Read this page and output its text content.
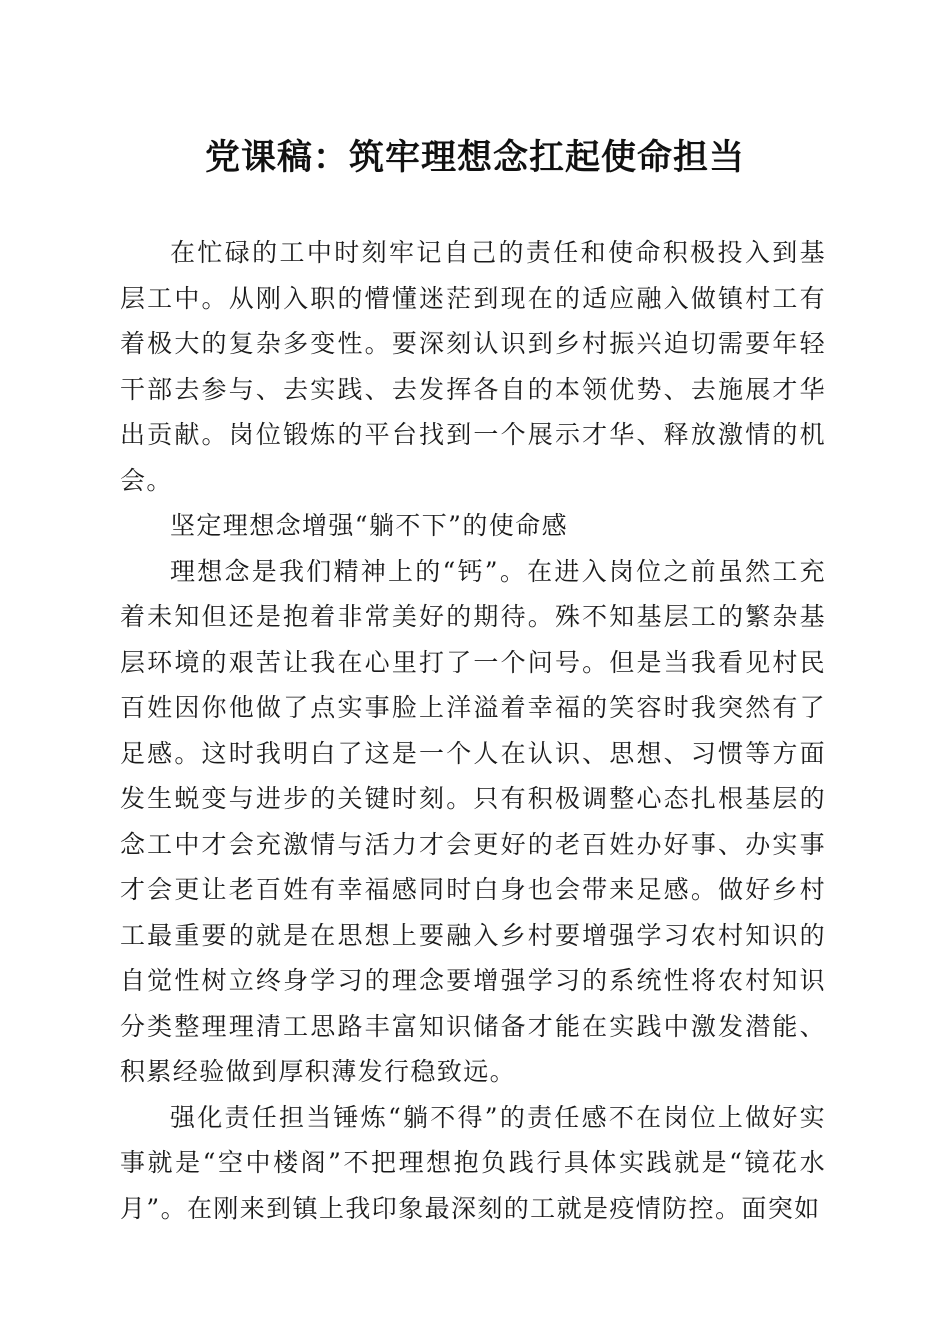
党课稿：筑牢理想念扛起使命担当

在忙碌的工中时刻牢记自己的责任和使命积极投入到基层工中。从刚入职的懵懂迷茫到现在的适应融入做镇村工有着极大的复杂多变性。要深刻认识到乡村振兴迫切需要年轻干部去参与、去实践、去发挥各自的本领优势、去施展才华出贡献。岗位锻炼的平台找到一个展示才华、释放激情的机会。

坚定理想念增强“躺不下”的使命感

理想念是我们精神上的“钙”。在进入岗位之前虽然工充着未知但还是抱着非常美好的期待。殊不知基层工的繁杂基层环境的艰苦让我在心里打了一个问号。但是当我看见村民百姓因你他做了点实事脸上洋溢着幸福的笑容时我突然有了足感。这时我明白了这是一个人在认识、思想、习惯等方面发生蜕变与进步的关键时刻。只有积极调整心态扎根基层的念工中才会充激情与活力才会更好的老百姓办好事、办实事才会更让老百姓有幸福感同时白身也会带来足感。做好乡村工最重要的就是在思想上要融入乡村要增强学习农村知识的自觉性树立终身学习的理念要增强学习的系统性将农村知识分类整理理清工思路丰富知识储备才能在实践中激发潜能、积累经验做到厚积薄发行稳致远。

强化责任担当锤炼“躺不得”的责任感不在岗位上做好实事就是“空中楼阁”不把理想抱负践行具体实践就是“镜花水月”。在刚来到镇上我印象最深刻的工就是疫情防控。面突如
